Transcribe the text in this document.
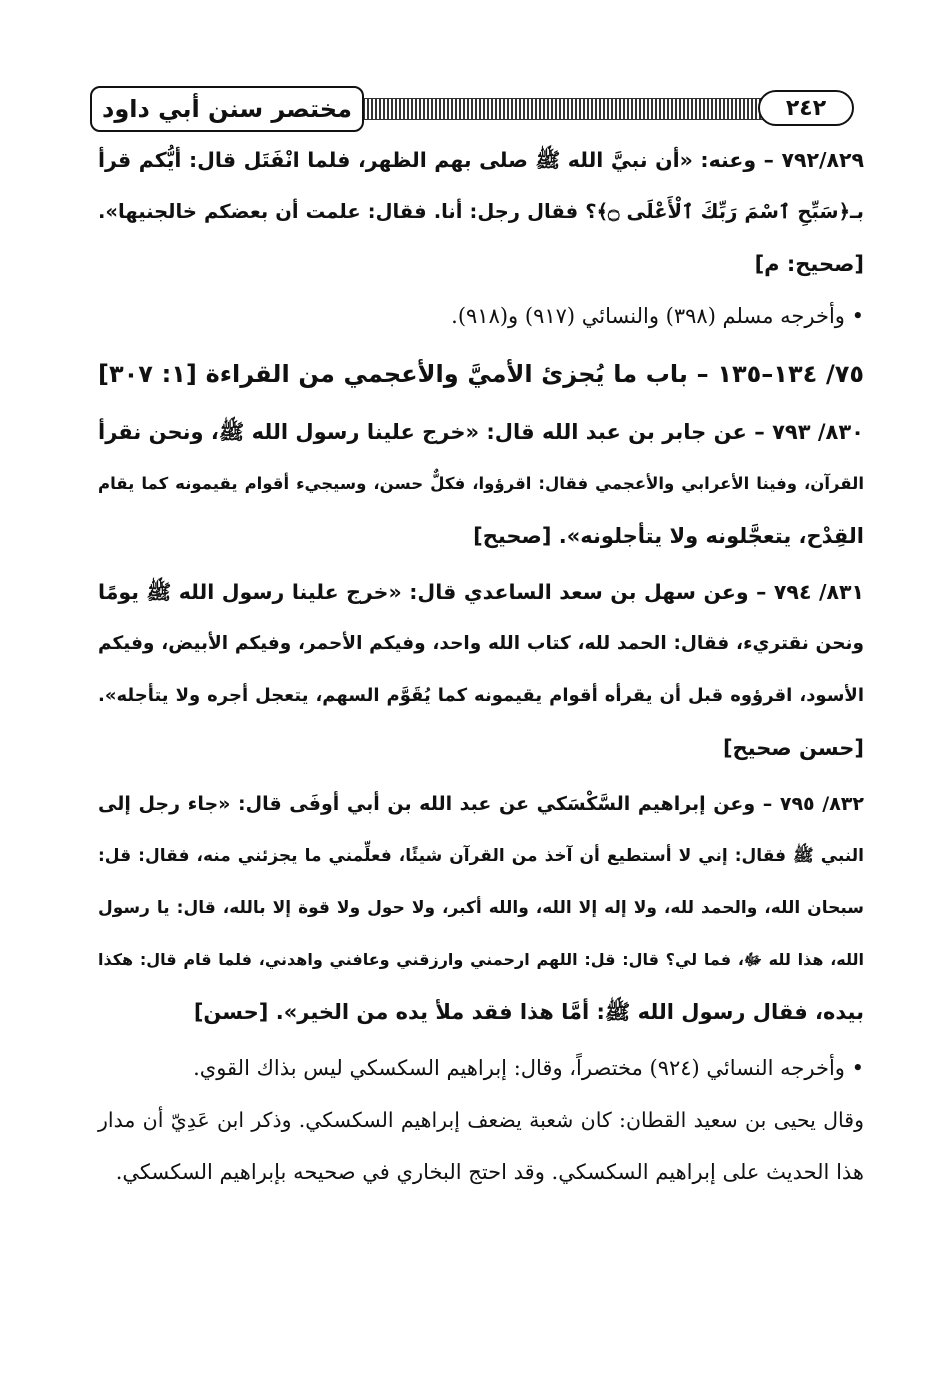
مختصر سنن أبي داود	٢٤٢
٧٩٢/٨٢٩ – وعنه: «أن نبيَّ الله ﷺ صلى بهم الظهر، فلما انْفَتَل قال: أيُّكم قرأ
بـ﴿سَبِّحِ ٱسْمَ رَبِّكَ ٱلْأَعْلَى ۝﴾؟ فقال رجل: أنا. فقال: علمت أن بعضكم خالجنيها».
[صحيح: م]
• وأخرجه مسلم (٣٩٨) والنسائي (٩١٧) و(٩١٨).
٧٥/ ١٣٤–١٣٥ – باب ما يُجزئ الأميَّ والأعجمي من القراءة [١: ٣٠٧]
٨٣٠/ ٧٩٣ – عن جابر بن عبد الله قال: «خرج علينا رسول الله ﷺ، ونحن نقرأ
القرآن، وفينا الأعرابي والأعجمي فقال: اقرؤوا، فكلٌّ حسن، وسيجيء أقوام يقيمونه كما يقام
القِدْح، يتعجَّلونه ولا يتأجلونه». [صحيح]
٨٣١/ ٧٩٤ – وعن سهل بن سعد الساعدي قال: «خرج علينا رسول الله ﷺ يومًا
ونحن نقتريء، فقال: الحمد لله، كتاب الله واحد، وفيكم الأحمر، وفيكم الأبيض، وفيكم
الأسود، اقرؤوه قبل أن يقرأه أقوام يقيمونه كما يُقَوَّم السهم، يتعجل أجره ولا يتأجله».
[حسن صحيح]
٨٣٢/ ٧٩٥ – وعن إبراهيم السَّكْسَكي عن عبد الله بن أبي أوفَى قال: «جاء رجل إلى
النبي ﷺ فقال: إني لا أستطيع أن آخذ من القرآن شيئًا، فعلِّمني ما يجزئني منه، فقال: قل:
سبحان الله، والحمد لله، ولا إله إلا الله، والله أكبر، ولا حول ولا قوة إلا بالله، قال: يا رسول
الله، هذا لله ﷻ، فما لي؟ قال: قل: اللهم ارحمني وارزقني وعافني واهدني، فلما قام قال: هكذا
بيده، فقال رسول الله ﷺ: أمَّا هذا فقد ملأ يده من الخير». [حسن]
• وأخرجه النسائي (٩٢٤) مختصراً، وقال: إبراهيم السكسكي ليس بذاك القوي.
وقال يحيى بن سعيد القطان: كان شعبة يضعف إبراهيم السكسكي. وذكر ابن عَدِيّ أن مدار
هذا الحديث على إبراهيم السكسكي. وقد احتج البخاري في صحيحه بإبراهيم السكسكي.
